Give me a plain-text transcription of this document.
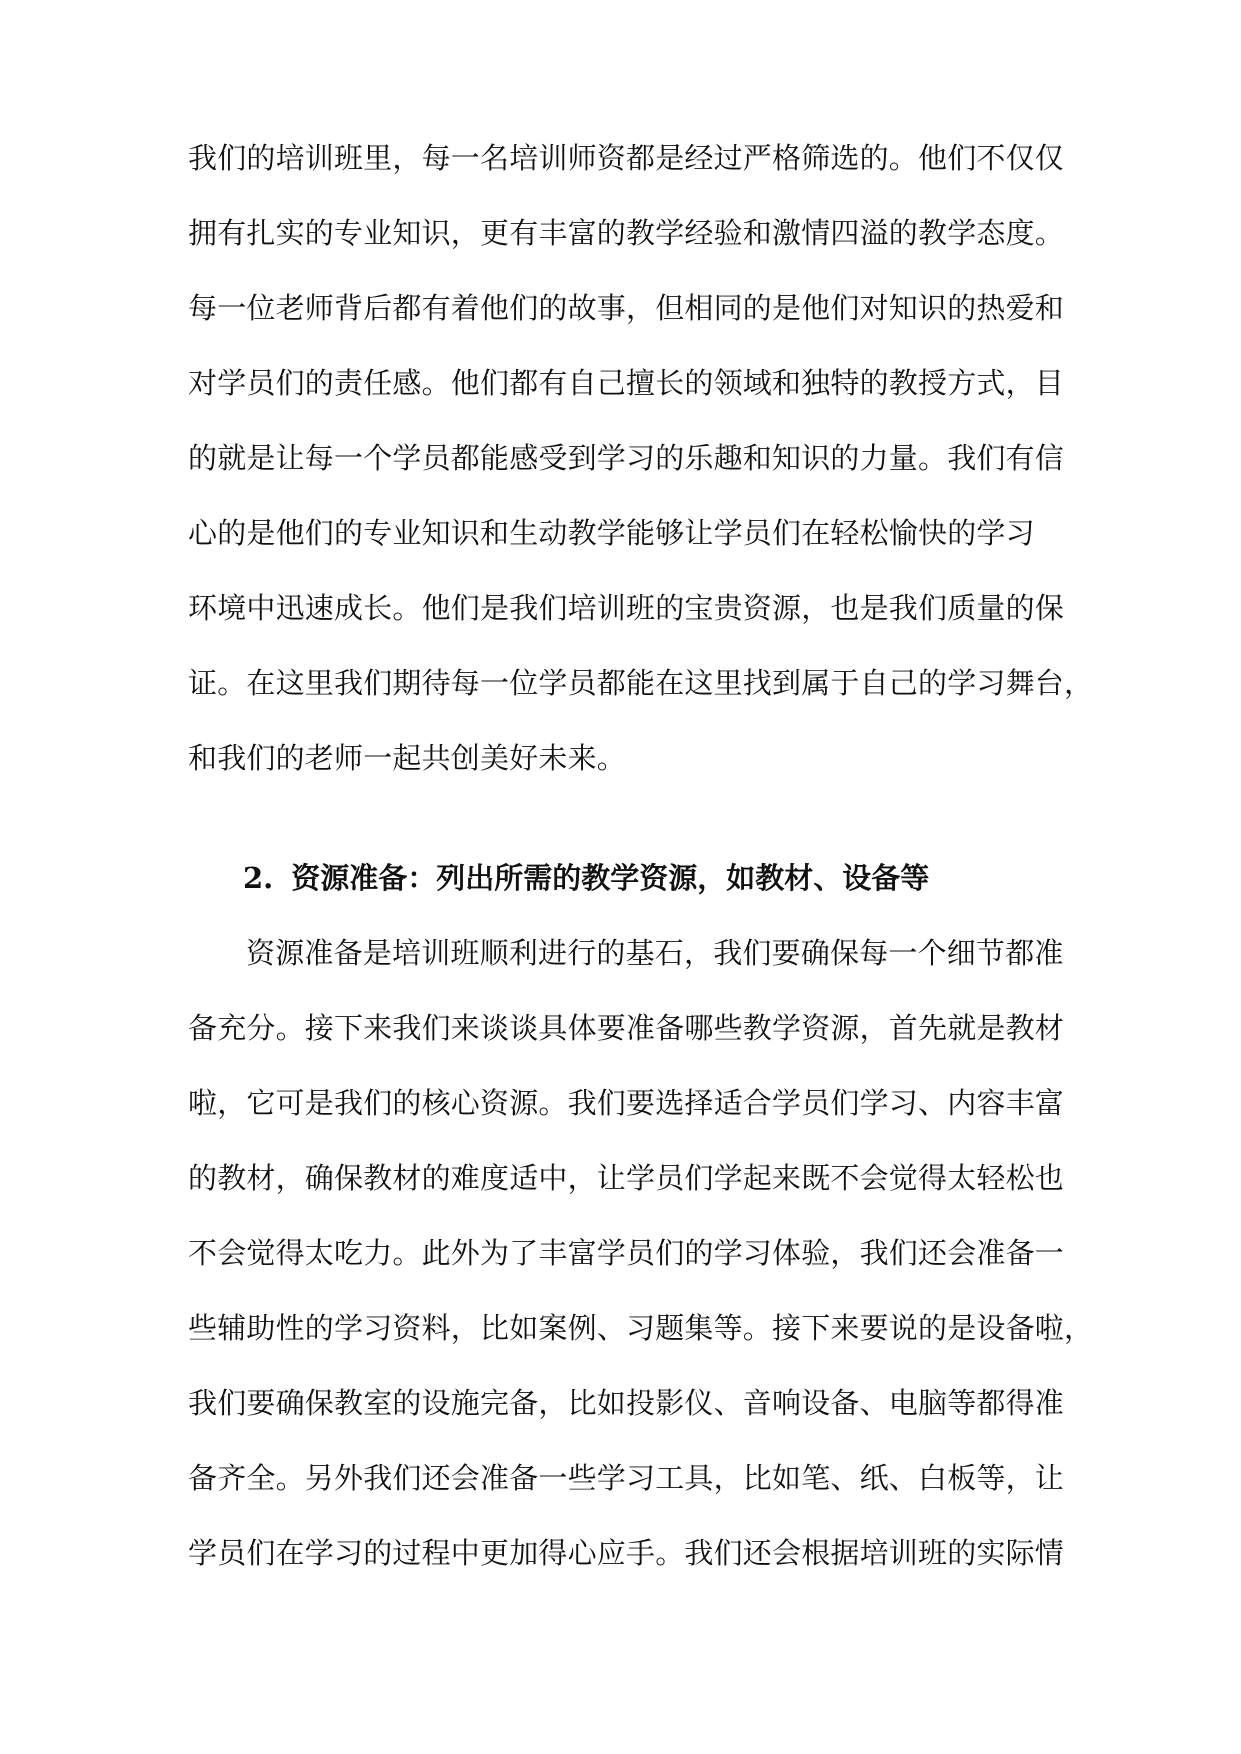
我们的培训班里，每一名培训师资都是经过严格筛选的。他们不仅仅
拥有扎实的专业知识，更有丰富的教学经验和激情四溢的教学态度。
每一位老师背后都有着他们的故事，但相同的是他们对知识的热爱和
对学员们的责任感。他们都有自己擅长的领域和独特的教授方式，目
的就是让每一个学员都能感受到学习的乐趣和知识的力量。我们有信
心的是他们的专业知识和生动教学能够让学员们在轻松愉快的学习
环境中迅速成长。他们是我们培训班的宝贵资源，也是我们质量的保
证。在这里我们期待每一位学员都能在这里找到属于自己的学习舞台，
和我们的老师一起共创美好未来。
2. 资源准备：列出所需的教学资源，如教材、设备等
资源准备是培训班顺利进行的基石，我们要确保每一个细节都准
备充分。接下来我们来谈谈具体要准备哪些教学资源，首先就是教材
啦，它可是我们的核心资源。我们要选择适合学员们学习、内容丰富
的教材，确保教材的难度适中，让学员们学起来既不会觉得太轻松也
不会觉得太吃力。此外为了丰富学员们的学习体验，我们还会准备一
些辅助性的学习资料，比如案例、习题集等。接下来要说的是设备啦，
我们要确保教室的设施完备，比如投影仪、音响设备、电脑等都得准
备齐全。另外我们还会准备一些学习工具，比如笔、纸、白板等，让
学员们在学习的过程中更加得心应手。我们还会根据培训班的实际情
